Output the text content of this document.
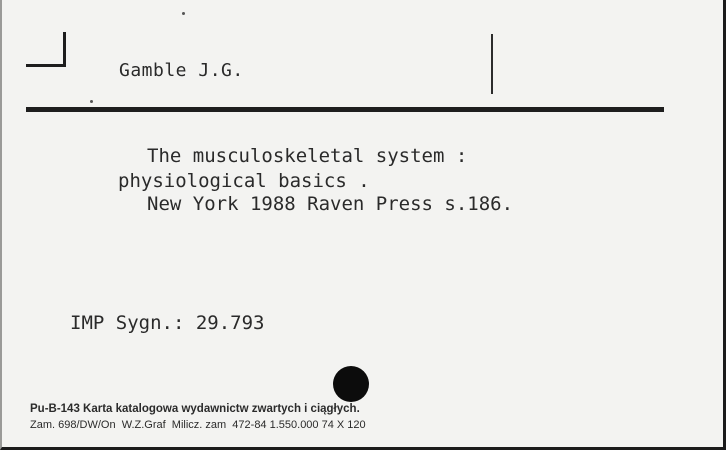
Gamble J.G.
The musculoskeletal system :
physiological basics .
New York 1988 Raven Press s.186.
IMP Sygn.: 29.793
Pu-B-143 Karta katalogowa wydawnictw zwartych i ciągłych.
Zam. 698/DW/On  W.Z.Graf  Milicz. zam  472-84 1.550.000 74 X 120
